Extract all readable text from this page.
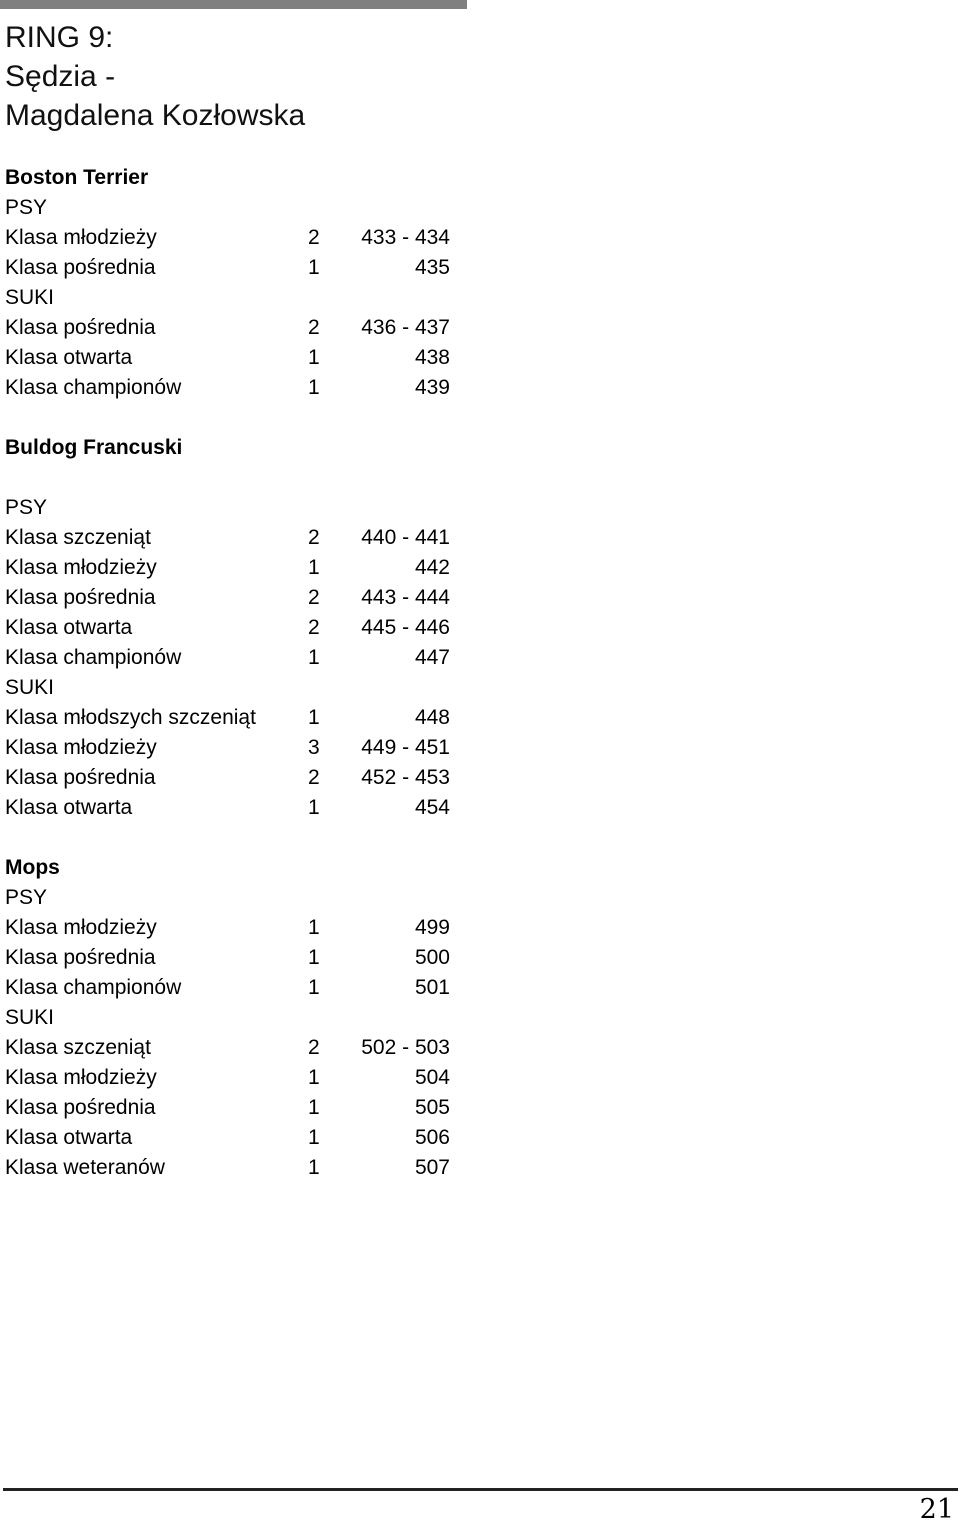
RING 9:
Sędzia -
Magdalena Kozłowska
Boston Terrier
PSY
Klasa młodzieży	2 433 - 434
Klasa pośrednia	1	435
SUKI
Klasa pośrednia	2 436 - 437
Klasa otwarta	1	438
Klasa championów	1	439
Buldog Francuski
PSY
Klasa szczeniąt	2 440 - 441
Klasa młodzieży	1	442
Klasa pośrednia	2 443 - 444
Klasa otwarta	2 445 - 446
Klasa championów	1	447
SUKI
Klasa młodszych szczeniąt 1	448
Klasa młodzieży	3 449 - 451
Klasa pośrednia	2 452 - 453
Klasa otwarta	1	454
Mops
PSY
Klasa młodzieży	1	499
Klasa pośrednia	1	500
Klasa championów	1	501
SUKI
Klasa szczeniąt	2 502 - 503
Klasa młodzieży	1	504
Klasa pośrednia	1	505
Klasa otwarta	1	506
Klasa weteranów	1	507
21
